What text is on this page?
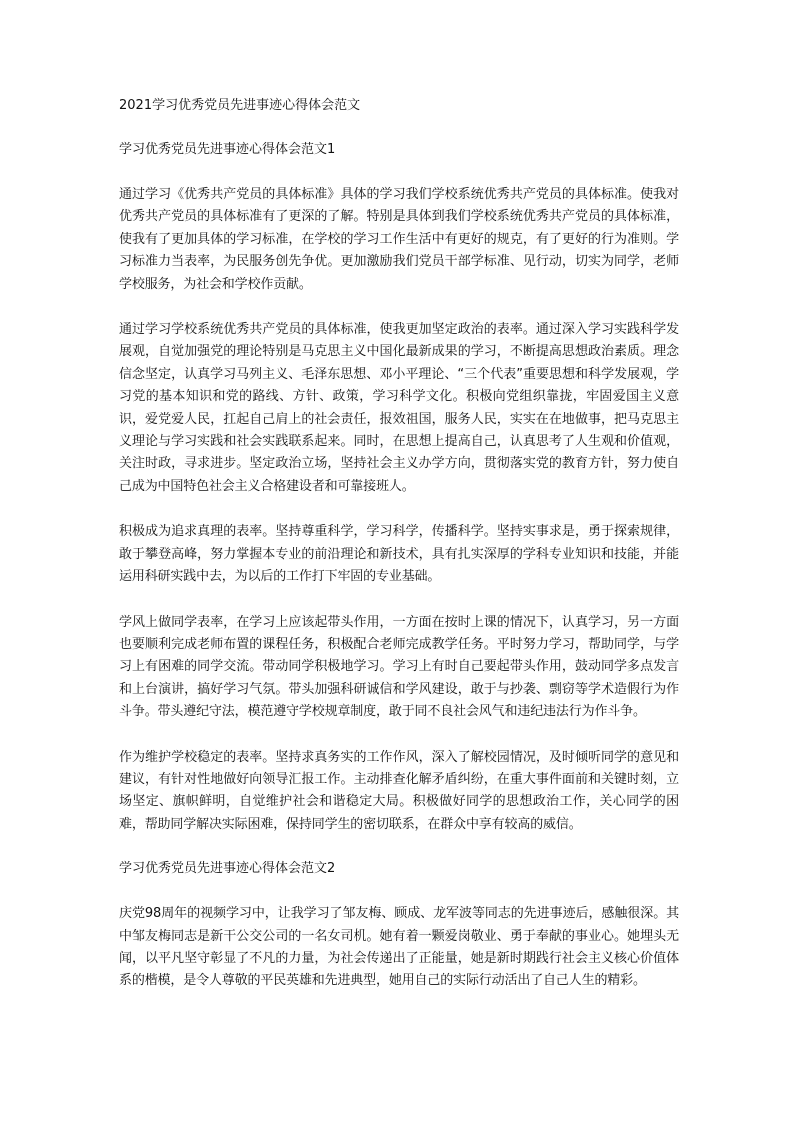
2021学习优秀党员先进事迹心得体会范文
学习优秀党员先进事迹心得体会范文1

通过学习《优秀共产党员的具体标准》具体的学习我们学校系统优秀共产党员的具体标准。使我对优秀共产党员的具体标准有了更深的了解。特别是具体到我们学校系统优秀共产党员的具体标准，使我有了更加具体的学习标准，在学校的学习工作生活中有更好的规克，有了更好的行为准则。学习标准力当表率，为民服务创先争优。更加激励我们党员干部学标准、见行动，切实为同学，老师学校服务，为社会和学校作贡献。

通过学习学校系统优秀共产党员的具体标准，使我更加坚定政治的表率。通过深入学习实践科学发展观，自觉加强党的理论特别是马克思主义中国化最新成果的学习，不断提高思想政治素质。理念信念坚定，认真学习马列主义、毛泽东思想、邓小平理论、“三个代表”重要思想和科学发展观，学习党的基本知识和党的路线、方针、政策，学习科学文化。积极向党组织靠拢，牢固爱国主义意识，爱党爱人民，扛起自己肩上的社会责任，报效祖国，服务人民，实实在在地做事，把马克思主义理论与学习实践和社会实践联系起来。同时，在思想上提高自己，认真思考了人生观和价值观，关注时政，寻求进步。坚定政治立场，坚持社会主义办学方向，贯彻落实党的教育方针，努力使自己成为中国特色社会主义合格建设者和可靠接班人。

积极成为追求真理的表率。坚持尊重科学，学习科学，传播科学。坚持实事求是，勇于探索规律，敢于攀登高峰，努力掌握本专业的前沿理论和新技术，具有扎实深厚的学科专业知识和技能，并能运用科研实践中去，为以后的工作打下牢固的专业基础。

学风上做同学表率，在学习上应该起带头作用，一方面在按时上课的情况下，认真学习，另一方面也要顺利完成老师布置的课程任务，积极配合老师完成教学任务。平时努力学习，帮助同学，与学习上有困难的同学交流。带动同学积极地学习。学习上有时自己要起带头作用，鼓动同学多点发言和上台演讲，搞好学习气氛。带头加强科研诚信和学风建设，敢于与抄袭、剽窃等学术造假行为作斗争。带头遵纪守法，模范遵守学校规章制度，敢于同不良社会风气和违纪违法行为作斗争。

作为维护学校稳定的表率。坚持求真务实的工作作风，深入了解校园情况，及时倾听同学的意见和建议，有针对性地做好向领导汇报工作。主动排查化解矛盾纠纷，在重大事件面前和关键时刻，立场坚定、旗帜鲜明，自觉维护社会和谐稳定大局。积极做好同学的思想政治工作，关心同学的困难，帮助同学解决实际困难，保持同学生的密切联系，在群众中享有较高的威信。

学习优秀党员先进事迹心得体会范文2

庆党98周年的视频学习中，让我学习了邹友梅、顾成、龙军波等同志的先进事迹后，感触很深。其中邹友梅同志是新干公交公司的一名女司机。她有着一颗爱岗敬业、勇于奉献的事业心。她埋头无闻，以平凡坚守彰显了不凡的力量，为社会传递出了正能量，她是新时期践行社会主义核心价值体系的楷模，是令人尊敬的平民英雄和先进典型，她用自己的实际行动活出了自己人生的精彩。
